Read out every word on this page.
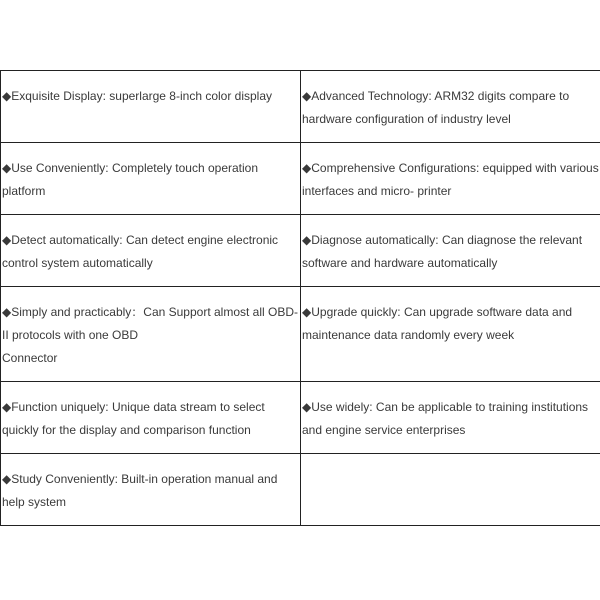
◆Exquisite Display: superlarge 8-inch color display	◆Advanced Technology: ARM32 digits compare to hardware configuration of industry level

◆Use Conveniently: Completely touch operation platform	◆Comprehensive Configurations: equipped with various interfaces and micro- printer

◆Detect automatically: Can detect engine electronic control system automatically	◆Diagnose automatically: Can diagnose the relevant software and hardware automatically

◆Simply and practicably：Can Support almost all OBD-II protocols with one OBD
Connector	◆Upgrade quickly: Can upgrade software data and maintenance data randomly every week

◆Function uniquely: Unique data stream to select quickly for the display and comparison function	◆Use widely: Can be applicable to training institutions and engine service enterprises

◆Study Conveniently: Built-in operation manual and help system	
